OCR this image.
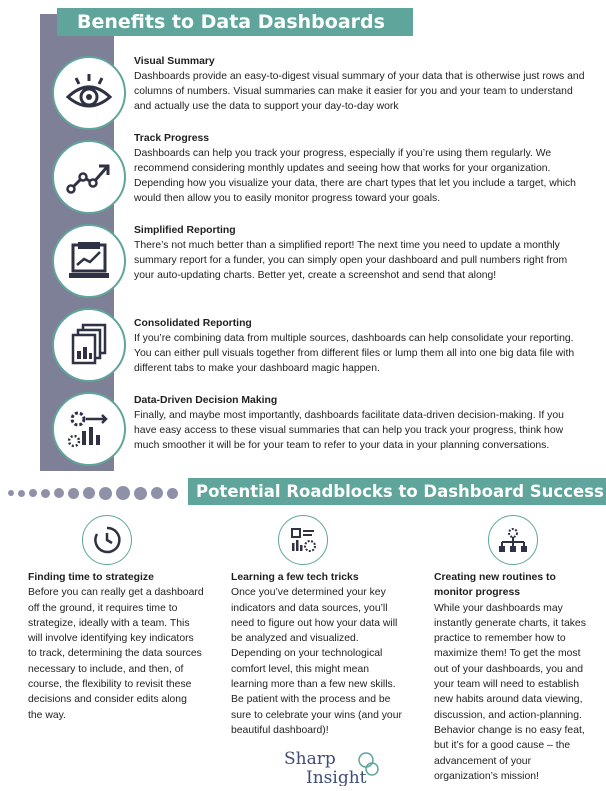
Benefits to Data Dashboards
Visual Summary
Dashboards provide an easy-to-digest visual summary of your data that is otherwise just rows and columns of numbers. Visual summaries can make it easier for you and your team to understand and actually use the data to support your day-to-day work
Track Progress
Dashboards can help you track your progress, especially if you’re using them regularly. We recommend considering monthly updates and seeing how that works for your organization. Depending how you visualize your data, there are chart types that let you include a target, which would then allow you to easily monitor progress toward your goals.
Simplified Reporting
There’s not much better than a simplified report! The next time you need to update a monthly summary report for a funder, you can simply open your dashboard and pull numbers right from your auto-updating charts. Better yet, create a screenshot and send that along!
Consolidated Reporting
If you’re combining data from multiple sources, dashboards can help consolidate your reporting. You can either pull visuals together from different files or lump them all into one big data file with different tabs to make your dashboard magic happen.
Data-Driven Decision Making
Finally, and maybe most importantly, dashboards facilitate data-driven decision-making. If you have easy access to these visual summaries that can help you track your progress, think how much smoother it will be for your team to refer to your data in your planning conversations.
Potential Roadblocks to Dashboard Success
Finding time to strategize
Before you can really get a dashboard off the ground, it requires time to strategize, ideally with a team. This will involve identifying key indicators to track, determining the data sources necessary to include, and then, of course, the flexibility to revisit these decisions and consider edits along the way.
Learning a few tech tricks
Once you’ve determined your key indicators and data sources, you’ll need to figure out how your data will be analyzed and visualized. Depending on your technological comfort level, this might mean learning more than a few new skills. Be patient with the process and be sure to celebrate your wins (and your beautiful dashboard)!
Creating new routines to monitor progress
While your dashboards may instantly generate charts, it takes practice to remember how to maximize them! To get the most out of your dashboards, you and your team will need to establish new habits around data viewing, discussion, and action-planning. Behavior change is no easy feat, but it’s for a good cause – the advancement of your organization’s mission!
Sharp
Insight
